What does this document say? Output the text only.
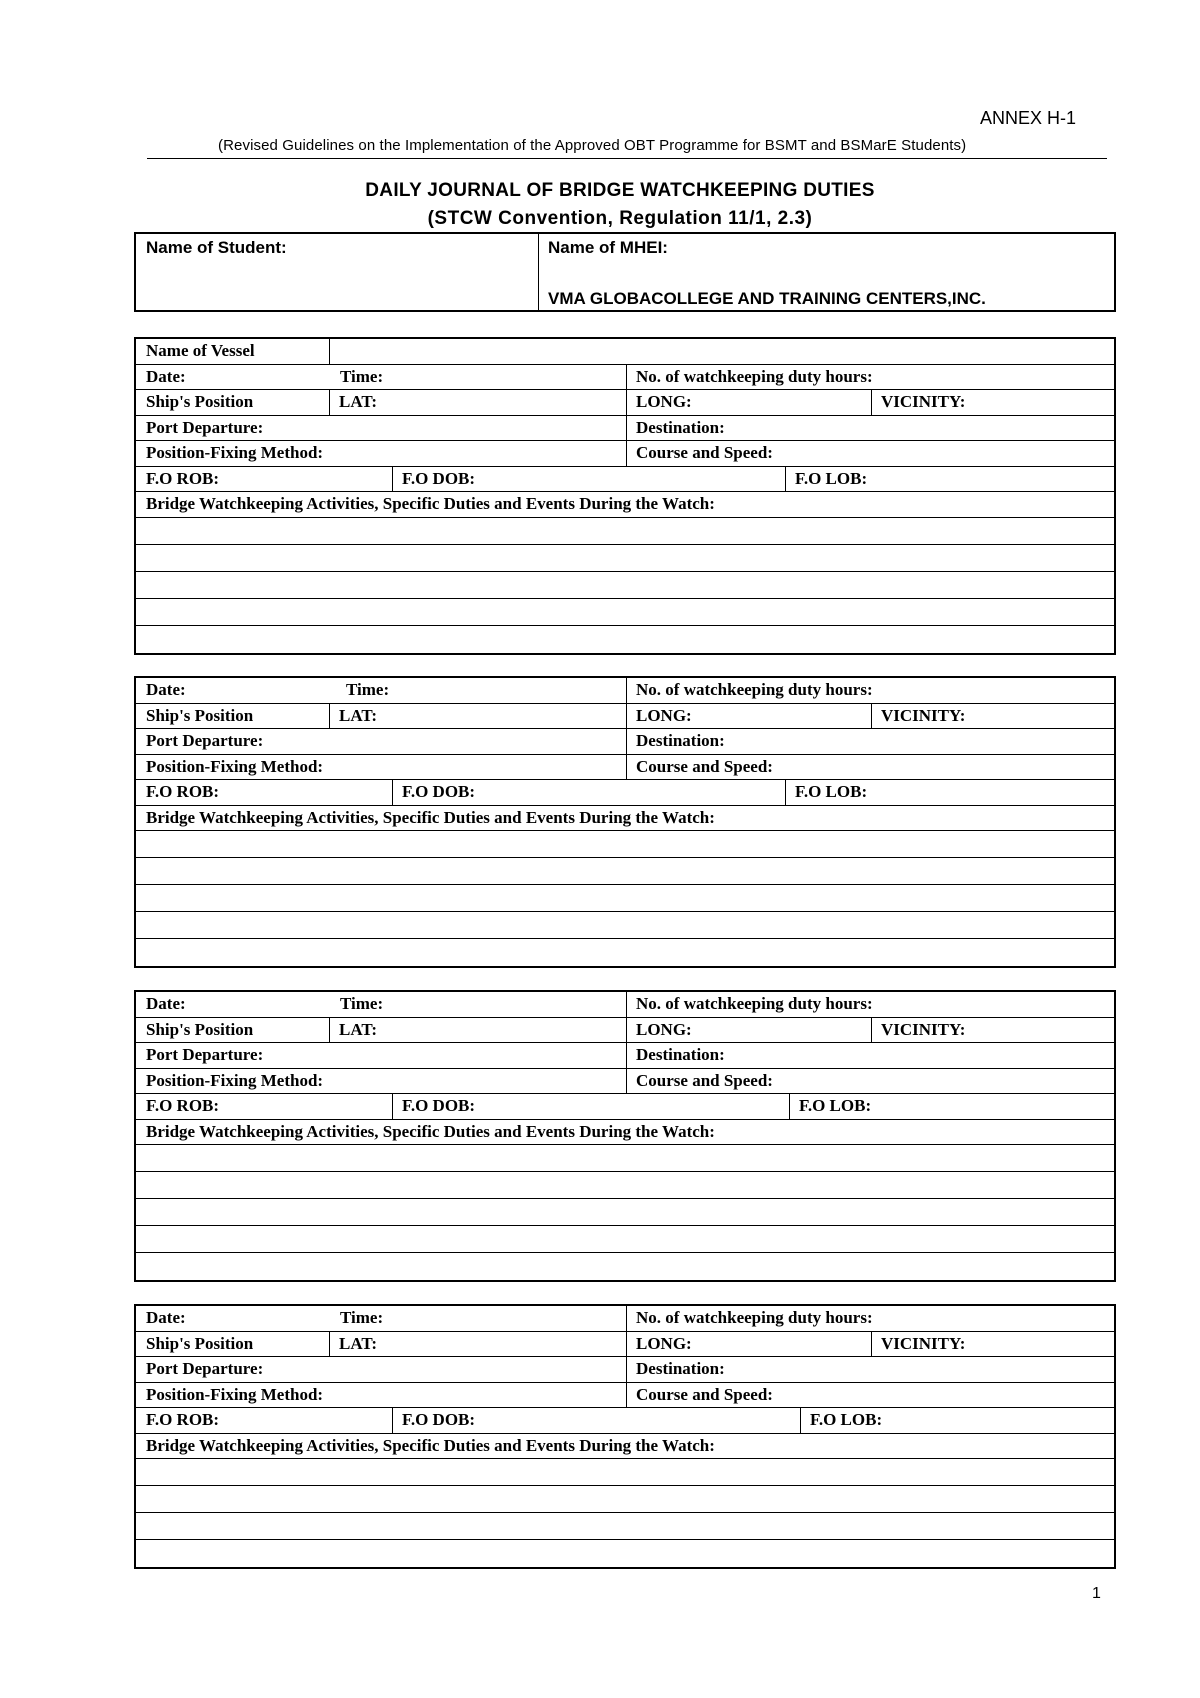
ANNEX H-1
(Revised Guidelines on the Implementation of the Approved OBT Programme for BSMT and BSMarE Students)
DAILY JOURNAL OF BRIDGE WATCHKEEPING DUTIES
(STCW Convention, Regulation 11/1, 2.3)
Name of Student:	Name of MHEI:
VMA GLOBACOLLEGE AND TRAINING CENTERS,INC.
Name of Vessel
Date:	Time:	No. of watchkeeping duty hours:
Ship's Position	LAT:	LONG:	VICINITY:
Port Departure:	Destination:
Position-Fixing Method:	Course and Speed:
F.O ROB:	F.O DOB:	F.O LOB:
Bridge Watchkeeping Activities, Specific Duties and Events During the Watch:
Date:	Time:	No. of watchkeeping duty hours:
Ship's Position	LAT:	LONG:	VICINITY:
Port Departure:	Destination:
Position-Fixing Method:	Course and Speed:
F.O ROB:	F.O DOB:	F.O LOB:
Bridge Watchkeeping Activities, Specific Duties and Events During the Watch:
Date:	Time:	No. of watchkeeping duty hours:
Ship's Position	LAT:	LONG:	VICINITY:
Port Departure:	Destination:
Position-Fixing Method:	Course and Speed:
F.O ROB:	F.O DOB:	F.O LOB:
Bridge Watchkeeping Activities, Specific Duties and Events During the Watch:
Date:	Time:	No. of watchkeeping duty hours:
Ship's Position	LAT:	LONG:	VICINITY:
Port Departure:	Destination:
Position-Fixing Method:	Course and Speed:
F.O ROB:	F.O DOB:	F.O LOB:
Bridge Watchkeeping Activities, Specific Duties and Events During the Watch:
1
